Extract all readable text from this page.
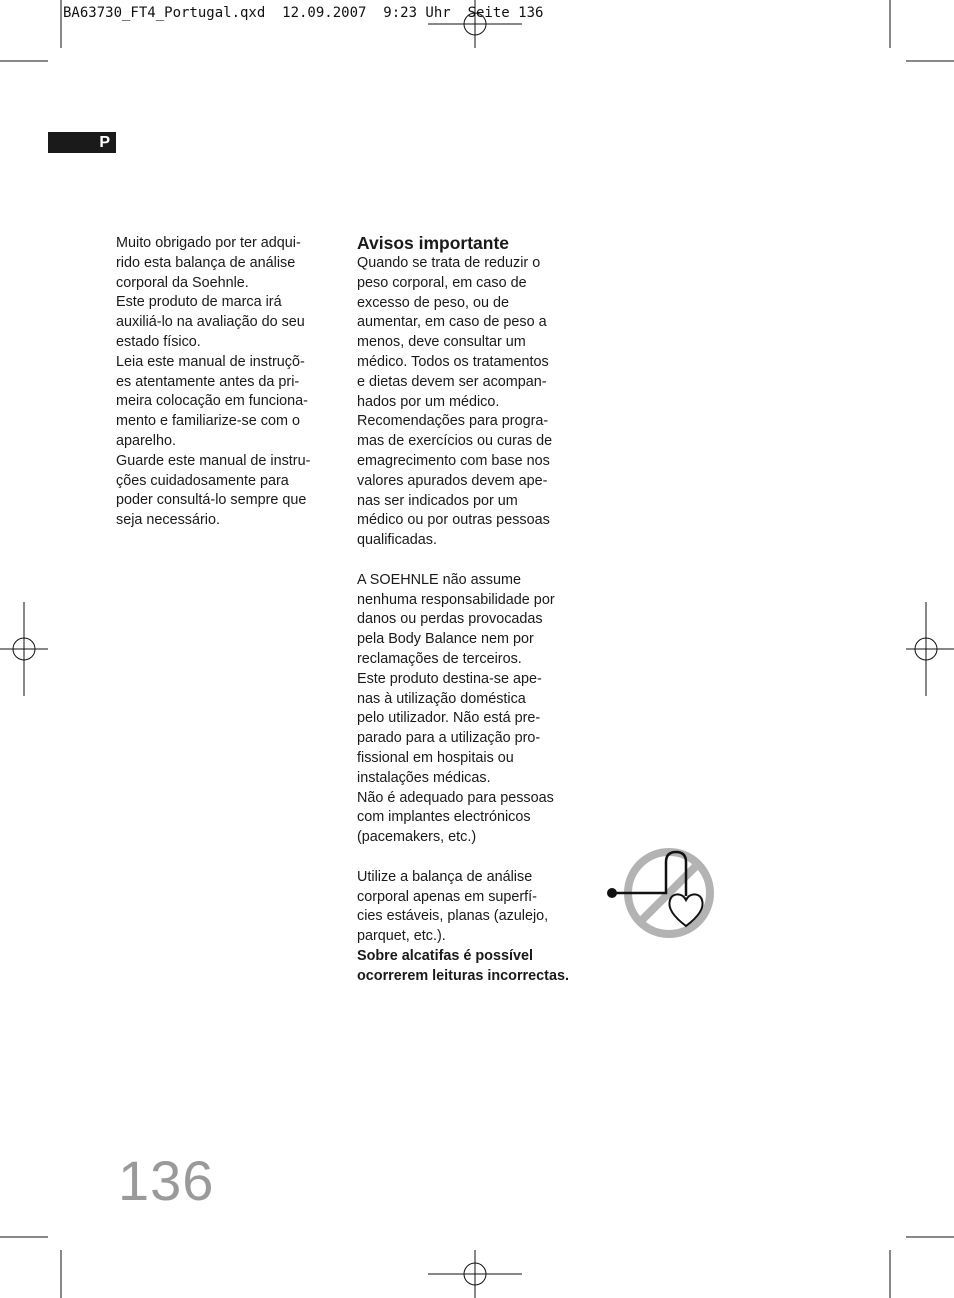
BA63730_FT4_Portugal.qxd  12.09.2007  9:23 Uhr  Seite 136
P

Muito obrigado por ter adqui-
rido esta balança de análise
corporal da Soehnle.

Este produto de marca irá
auxiliá-lo na avaliação do seu
estado físico.

Leia este manual de instruçõ-
es atentamente antes da pri-
meira colocação em funciona-
mento e familiarize-se com o
aparelho.

Guarde este manual de instru-
ções cuidadosamente para
poder consultá-lo sempre que
seja necessário.

Avisos importante

Quando se trata de reduzir o
peso corporal, em caso de
excesso de peso, ou de
aumentar, em caso de peso a
menos, deve consultar um
médico. Todos os tratamentos
e dietas devem ser acompan-
hados por um médico.
Recomendações para progra-
mas de exercícios ou curas de
emagrecimento com base nos
valores apurados devem ape-
nas ser indicados por um
médico ou por outras pessoas
qualificadas.

A SOEHNLE não assume
nenhuma responsabilidade por
danos ou perdas provocadas
pela Body Balance nem por
reclamações de terceiros.
Este produto destina-se ape-
nas à utilização doméstica
pelo utilizador. Não está pre-
parado para a utilização pro-
fissional em hospitais ou
instalações médicas.
Não é adequado para pessoas
com implantes electrónicos
(pacemakers, etc.)

Utilize a balança de análise
corporal apenas em superfí-
cies estáveis, planas (azulejo,
parquet, etc.).

Sobre alcatifas é possível
ocorrerem leituras incorrectas.

136
